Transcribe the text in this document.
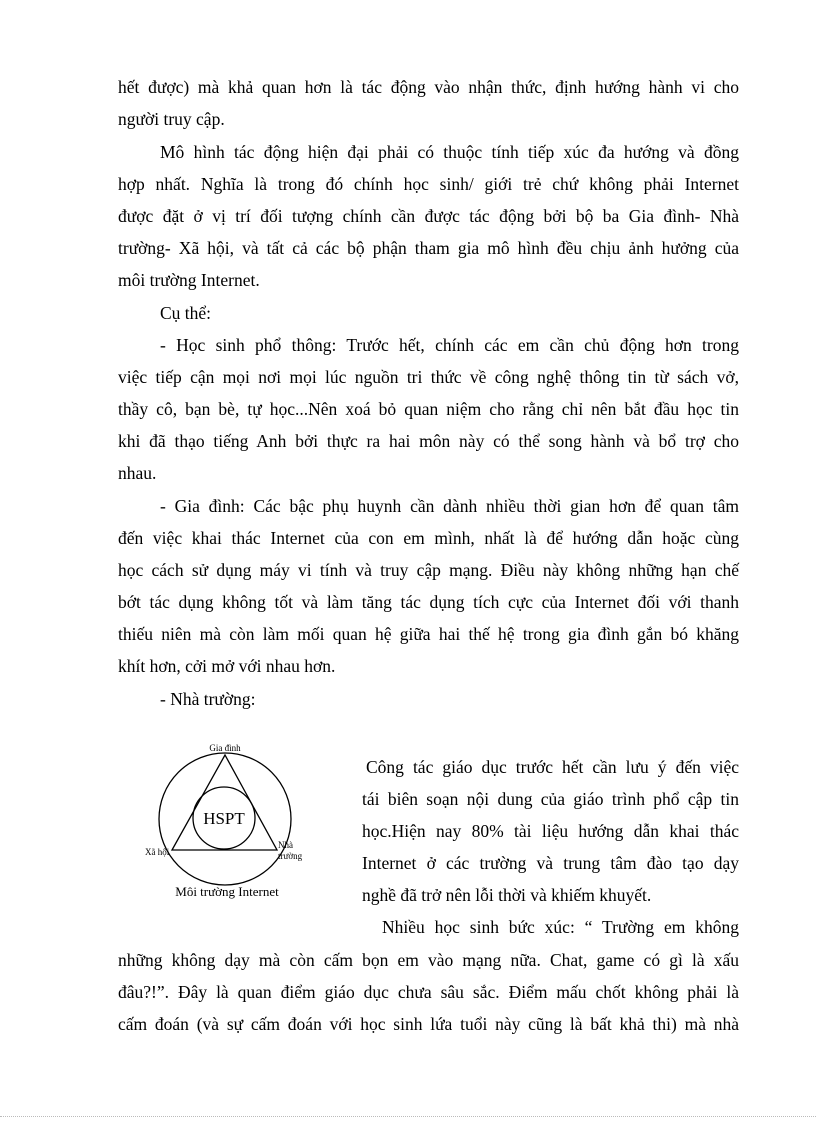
hết được) mà khả quan hơn là tác động vào nhận thức, định hướng hành vi cho
người truy cập.
Mô hình tác động hiện đại phải có thuộc tính tiếp xúc đa hướng và đồng
hợp nhất. Nghĩa là trong đó chính học sinh/ giới trẻ chứ không phải Internet
được đặt ở vị trí đối tượng chính cần được tác động bởi bộ ba Gia đình- Nhà
trường- Xã hội, và tất cả các bộ phận tham gia mô hình đều chịu ảnh hưởng của
môi trường Internet.
Cụ thể:
- Học sinh phổ thông: Trước hết, chính các em cần chủ động hơn trong
việc tiếp cận mọi nơi mọi lúc nguồn tri thức về công nghệ thông tin từ sách vở,
thầy cô, bạn bè, tự học...Nên xoá bỏ quan niệm cho rằng chỉ nên bắt đầu học tin
khi đã thạo tiếng Anh bởi thực ra hai môn này có thể song hành và bổ trợ cho
nhau.
- Gia đình: Các bậc phụ huynh cần dành nhiều thời gian hơn để quan tâm
đến việc khai thác Internet của con em mình, nhất là để hướng dẫn hoặc cùng
học cách sử dụng máy vi tính và truy cập mạng. Điều này không những hạn chế
bớt tác dụng không tốt và làm tăng tác dụng tích cực của Internet đối với thanh
thiếu niên mà còn làm mối quan hệ giữa hai thế hệ trong gia đình gắn bó khăng
khít hơn, cởi mở với nhau hơn.
- Nhà trường:
Gia đình
HSPT
Xã hội
Nhà
trường
Môi trường Internet
Công tác giáo dục trước hết cần lưu ý đến việc
tái biên soạn nội dung của giáo trình phổ cập tin
học.Hiện nay 80% tài liệu hướng dẫn khai thác
Internet ở các trường và trung tâm đào tạo dạy
nghề đã trở nên lỗi thời và khiếm khuyết.
Nhiều học sinh bức xúc: “ Trường em không
những không dạy mà còn cấm bọn em vào mạng nữa. Chat, game có gì là xấu
đâu?!”. Đây là quan điểm giáo dục chưa sâu sắc. Điểm mấu chốt không phải là
cấm đoán (và sự cấm đoán với học sinh lứa tuổi này cũng là bất khả thi) mà nhà
